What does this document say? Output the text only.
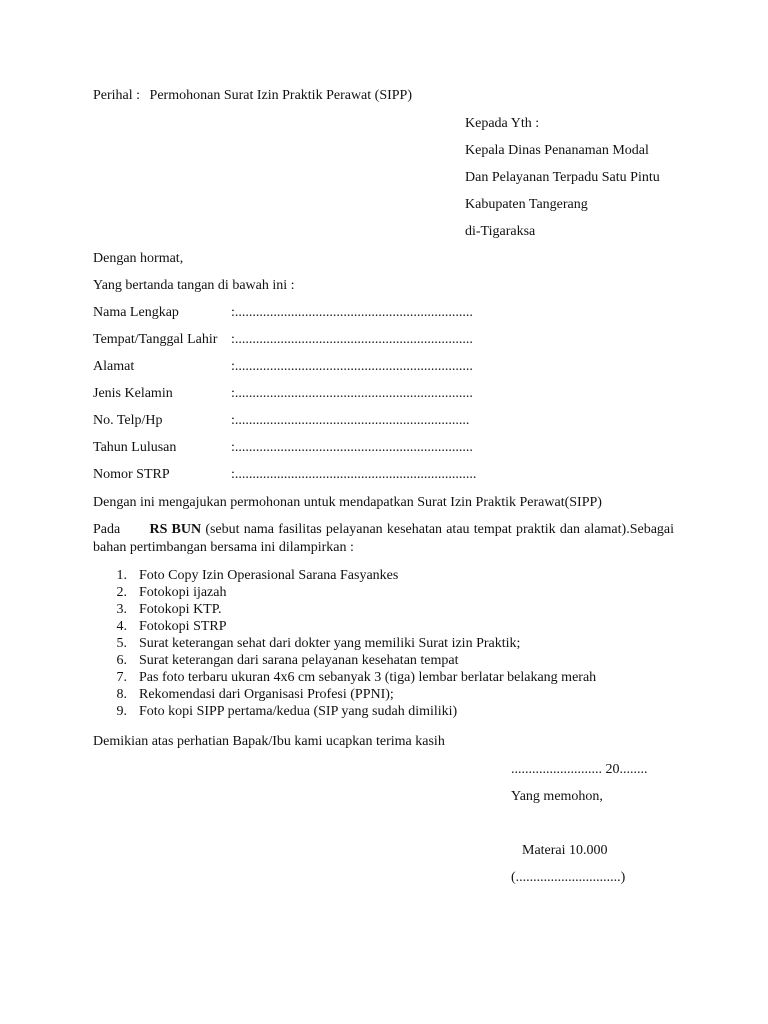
Perihal : Permohonan Surat Izin Praktik Perawat (SIPP)
Kepada Yth :
Kepala Dinas Penanaman Modal
Dan Pelayanan Terpadu Satu Pintu
Kabupaten Tangerang
di-Tigaraksa
Dengan hormat,
Yang bertanda tangan di bawah ini :
Nama Lengkap	:....................................................................
Tempat/Tanggal Lahir :....................................................................
Alamat	:....................................................................
Jenis Kelamin	:....................................................................
No. Telp/Hp	:...................................................................
Tahun Lulusan	:....................................................................
Nomor STRP	:.....................................................................
Dengan ini mengajukan permohonan untuk mendapatkan Surat Izin Praktik Perawat(SIPP)
Pada RS BUN (sebut nama fasilitas pelayanan kesehatan atau tempat praktik dan alamat).Sebagai bahan pertimbangan bersama ini dilampirkan :
1. Foto Copy Izin Operasional Sarana Fasyankes
2. Fotokopi ijazah
3. Fotokopi KTP.
4. Fotokopi STRP
5. Surat keterangan sehat dari dokter yang memiliki Surat izin Praktik;
6. Surat keterangan dari sarana pelayanan kesehatan tempat
7. Pas foto terbaru ukuran 4x6 cm sebanyak 3 (tiga) lembar berlatar belakang merah
8. Rekomendasi dari Organisasi Profesi (PPNI);
9. Foto kopi SIPP pertama/kedua (SIP yang sudah dimiliki)
Demikian atas perhatian Bapak/Ibu kami ucapkan terima kasih
.......................... 20........
Yang memohon,
Materai 10.000
(..............................)
